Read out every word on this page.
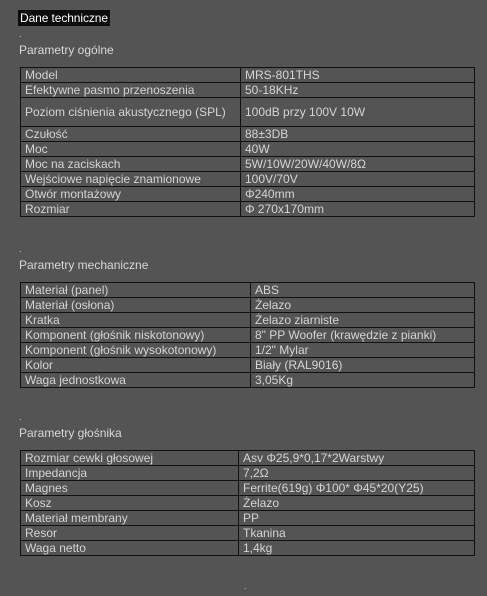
Dane techniczne
.
Parametry ogólne
Model	MRS-801THS
Efektywne pasmo przenoszenia	50-18KHz
Poziom ciśnienia akustycznego (SPL)	100dB przy 100V 10W
Czułość	88±3DB
Moc	40W
Moc na zaciskach	5W/10W/20W/40W/8Ω
Wejściowe napięcie znamionowe	100V/70V
Otwór montażowy	Φ240mm
Rozmiar	Φ 270x170mm
.
Parametry mechaniczne
Materiał (panel)	ABS
Materiał (osłona)	Żelazo
Kratka	Żelazo ziarniste
Komponent (głośnik niskotonowy)	8" PP Woofer (krawędzie z pianki)
Komponent (głośnik wysokotonowy)	1/2" Mylar
Kolor	Biały (RAL9016)
Waga jednostkowa	3,05Kg
.
Parametry głośnika
Rozmiar cewki głosowej	Asv Φ25,9*0,17*2Warstwy
Impedancja	7,2Ω
Magnes	Ferrite(619g) Φ100* Φ45*20(Y25)
Kosz	Żelazo
Materiał membrany	PP
Resor	Tkanina
Waga netto	1,4kg
.
